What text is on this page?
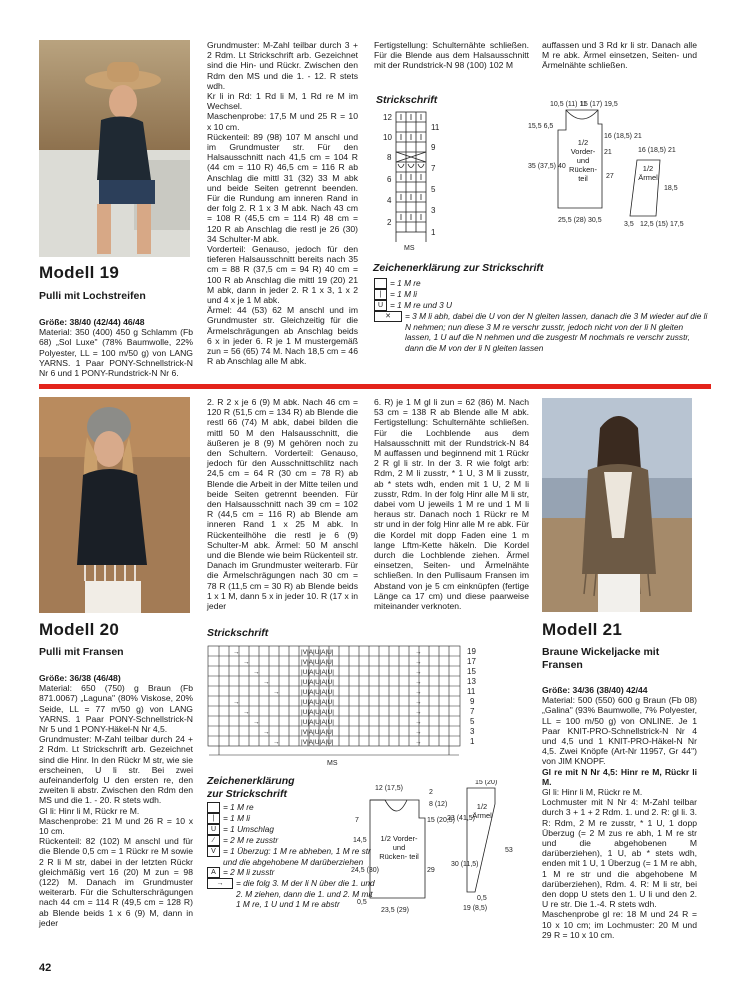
Modell 19
Pulli mit Lochstreifen

Größe: 38/40 (42/44) 46/48

Material: 350 (400) 450 g Schlamm (Fb 68) „Sol Luxe" (78% Baumwolle, 22% Polyester, LL = 100 m/50 g) von LANG YARNS. 1 Paar PONY-Schnellstrick-N Nr 6 und 1 PONY-Rundstrick-N Nr 6.

Grundmuster: M-Zahl teilbar durch 3 + 2 Rdm. Lt Strickschrift arb. Gezeichnet sind die Hin- und Rückr. Zwischen den Rdm den MS und die 1. - 12. R stets wdh.

Kr li in Rd: 1 Rd li M, 1 Rd re M im Wechsel.

Maschenprobe: 17,5 M und 25 R = 10 x 10 cm.

Rückenteil: 89 (98) 107 M anschl und im Grundmuster str. Für den Halsausschnitt nach 41,5 cm = 104 R (44 cm = 110 R) 46,5 cm = 116 R ab Anschlag die mittl 31 (32) 33 M abk und beide Seiten getrennt beenden. Für die Rundung am inneren Rand in der folg 2. R 1 x 3 M abk. Nach 43 cm = 108 R (45,5 cm = 114 R) 48 cm = 120 R ab Anschlag die restl je 26 (30) 34 Schulter-M abk.

Vorderteil: Genauso, jedoch für den tieferen Halsausschnitt bereits nach 35 cm = 88 R (37,5 cm = 94 R) 40 cm = 100 R ab Anschlag die mittl 19 (20) 21 M abk, dann in jeder 2. R 1 x 3, 1 x 2 und 4 x je 1 M abk.

Ärmel: 44 (53) 62 M anschl und im Grundmuster str. Gleichzeitig für die Ärmelschrägungen ab Anschlag beids 6 x in jeder 6. R je 1 M mustergemäß zun = 56 (65) 74 M. Nach 18,5 cm = 46 R ab Anschlag alle M abk.

Fertigstellung: Schulternähte schließen. Für die Blende aus dem Halsausschnitt mit der Rundstrick-N 98 (100) 102 M
auffassen und 3 Rd kr li str. Danach alle M re abk. Ärmel einsetzen, Seiten- und Ärmelnähte schließen.
Strickschrift
12
10
8
6
4
2
11
9
7
5
3
1
MS
10,5 (11) 11
15 (17) 19,5
15,5 6,5
35 (37,5) 40
16 (18,5) 21
21
27
25,5 (28) 30,5
16 (18,5) 21
18,5
12,5 (15) 17,5
3,5
1/2 Vorder- und Rücken- teil
1/2 Ärmel
Zeichenerklärung zur Strickschrift
= 1 M re
|	= 1 M li
U = 1 M re und 3 U
✕	= 3 M li abh, dabei die U von der N gleiten lassen, danach die 3 M wieder auf die li N nehmen; nun diese 3 M re verschr zusstr, jedoch nicht von der li N gleiten lassen, 1 U auf die N nehmen und die zusgestr M nochmals re verschr zusstr, dann die M von der li N gleiten lassen
Modell 20
Pulli mit Fransen

Größe: 36/38 (46/48)

Material: 650 (750) g Braun (Fb 871.0067) „Laguna" (80% Viskose, 20% Seide, LL = 77 m/50 g) von LANG YARNS. 1 Paar PONY-Schnellstrick-N Nr 5 und 1 PONY-Häkel-N Nr 4,5.

Grundmuster: M-Zahl teilbar durch 24 + 2 Rdm. Lt Strickschrift arb. Gezeichnet sind die Hinr. In den Rückr M str, wie sie erscheinen, U li str. Bei zwei aufeinanderfolg U den ersten re, den zweiten li abstr. Zwischen den Rdm den MS und die 1. - 20. R stets wdh.

Gl li: Hinr li M, Rückr re M.

Maschenprobe: 21 M und 26 R = 10 x 10 cm.

Rückenteil: 82 (102) M anschl und für die Blende 0,5 cm = 1 Rückr re M sowie 2 R li M str, dabei in der letzten Rückr gleichmäßig vert 16 (20) M zun = 98 (122) M. Danach im Grundmuster weiterarb. Für die Schulterschrägungen nach 44 cm = 114 R (49,5 cm = 128 R) ab Blende beids 1 x 6 (9) M, dann in jeder

2. R 2 x je 6 (9) M abk. Nach 46 cm = 120 R (51,5 cm = 134 R) ab Blende die restl 66 (74) M abk, dabei bilden die mittl 50 M den Halsausschnitt, die äußeren je 8 (9) M gehören noch zu den Schultern. Vorderteil: Genauso, jedoch für den Ausschnittschlitz nach 24,5 cm = 64 R (30 cm = 78 R) ab Blende die Arbeit in der Mitte teilen und beide Seiten getrennt beenden. Für den Halsausschnitt nach 39 cm = 102 R (44,5 cm = 116 R) ab Blende am inneren Rand 1 x 25 M abk. In Rückenteilhöhe die restl je 6 (9) Schulter-M abk. Ärmel: 50 M anschl und die Blende wie beim Rückenteil str. Danach im Grundmuster weiterarb. Für die Ärmelschrägungen nach 30 cm = 78 R (11,5 cm = 30 R) ab Blende beids 1 x 1 M, dann 5 x in jeder 10. R (17 x in jeder
6. R) je 1 M gl li zun = 62 (86) M. Nach 53 cm = 138 R ab Blende alle M abk. Fertigstellung: Schulternähte schließen. Für die Lochblende aus dem Halsausschnitt mit der Rundstrick-N 84 M auffassen und beginnend mit 1 Rückr 2 R gl li str. In der 3. R wie folgt arb: Rdm, 2 M li zusstr, * 1 U, 3 M li zusstr, ab * stets wdh, enden mit 1 U, 2 M li zusstr, Rdm. In der folg Hinr alle M li str, dabei vom U jeweils 1 M re und 1 M li heraus str. Danach noch 1 Rückr re M str und in der folg Hinr alle M re abk. Für die Kordel mit dopp Faden eine 1 m lange Lftm-Kette häkeln. Die Kordel durch die Lochblende ziehen. Ärmel einsetzen, Seiten- und Ärmelnähte schließen. In den Pullisaum Fransen im Abstand von je 5 cm einknüpfen (fertige Länge ca 17 cm) und diese paarweise miteinander verknoten.
Strickschrift
|V|A|U|A|U|
|V|A|U|A|U|
|U|A|U|A|U|
|U|A|U|A|U|
|U|A|U|A|U|
|U|A|U|A|U|
|U|A|U|A|U|
|U|A|U|A|U|
|V|A|U|A|U|
|V|A|U|A|U|
→
→
→
→
→
→
→
→
→
→
→
→
→
→
→
→
→
→
→
→
19
17
15
13
11
9
7
5
3
1
MS
Zeichenerklärung zur Strickschrift
= 1 M re
|	= 1 M li
U = 1 Umschlag
∕	= 2 M re zusstr
V = 1 Überzug: 1 M re abheben, 1 M re str und die abgehobene M darüberziehen
A = 2 M li zusstr
→	= die folg 3. M der li N über die 1. und 2. M ziehen, dann die 1. und 2. M mit 1 M re, 1 U und 1 M re abstr
12 (17,5)
7
2
15 (20,5)
8 (12)
14,5
24,5 (30)	29
30 (11,5)
23,5 (29)
0,5
15 (20)
23 (41,5)
53
19 (8,5)
0,5
1/2 Vorder- und Rücken- teil
1/2 Ärmel
Modell 21
Braune Wickeljacke mit Fransen

Größe: 34/36 (38/40) 42/44

Material: 500 (550) 600 g Braun (Fb 08) „Galina" (93% Baumwolle, 7% Polyester, LL = 100 m/50 g) von ONLINE. Je 1 Paar KNIT-PRO-Schnellstrick-N Nr 4 und 4,5 und 1 KNIT-PRO-Häkel-N Nr 4,5. Zwei Knöpfe (Art-Nr 11957, Gr 44") von JIM KNOPF.

Gl re mit N Nr 4,5: Hinr re M, Rückr li M.

Gl li: Hinr li M, Rückr re M.

Lochmuster mit N Nr 4: M-Zahl teilbar durch 3 + 1 + 2 Rdm. 1. und 2. R: gl li. 3. R: Rdm, 2 M re zusstr, * 1 U, 1 dopp Überzug (= 2 M zus re abh, 1 M re str und die abgehobenen M darüberziehen), 1 U, ab * stets wdh, enden mit 1 U, 1 Überzug (= 1 M re abh, 1 M re str und die abgehobene M darüberziehen), Rdm. 4. R: M li str, bei den dopp U stets den 1. U li und den 2. U re str. Die 1.-4. R stets wdh.

Maschenprobe gl re: 18 M und 24 R = 10 x 10 cm; im Lochmuster: 20 M und 29 R = 10 x 10 cm.

42
